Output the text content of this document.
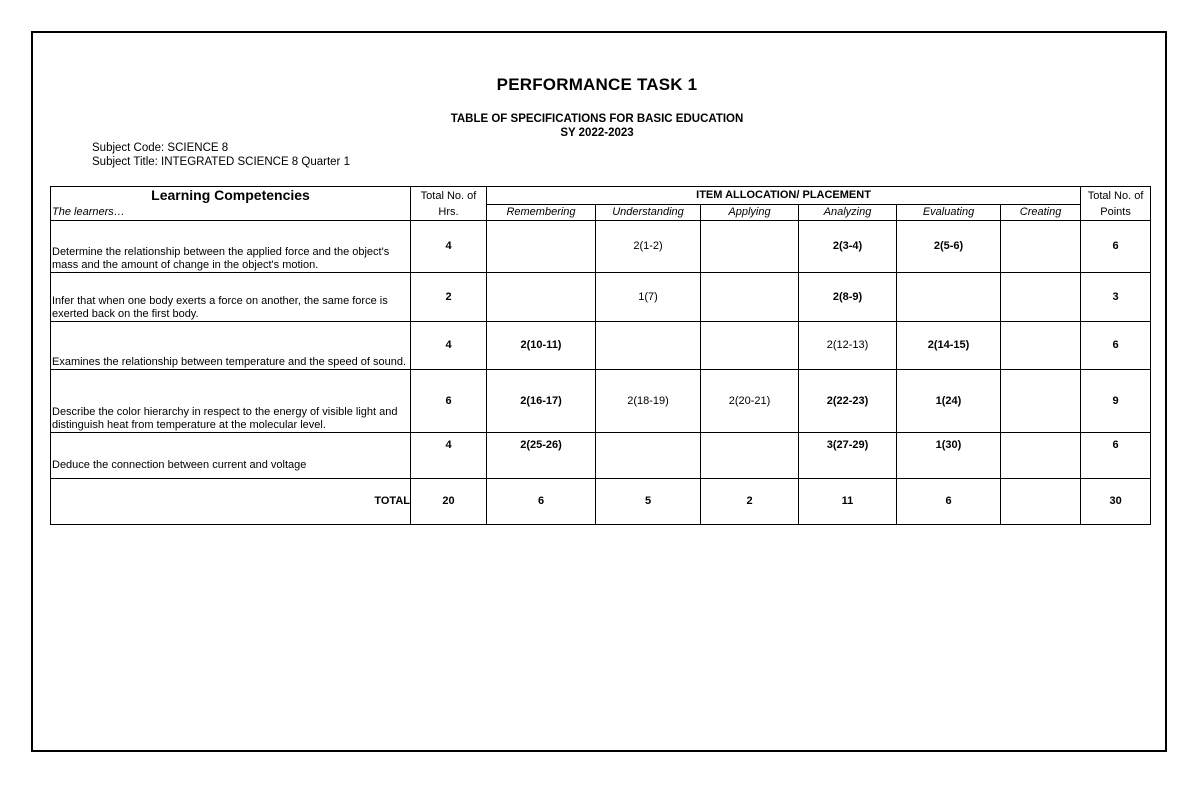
PERFORMANCE TASK 1
TABLE OF SPECIFICATIONS FOR BASIC EDUCATION
SY 2022-2023
Subject Code: SCIENCE 8
Subject Title: INTEGRATED SCIENCE 8 Quarter 1
Learning Competencies	Total No. of	ITEM ALLOCATION/ PLACEMENT						Total No. of
The learners…	Hrs.	Remembering	Understanding	Applying	Analyzing	Evaluating	Creating	Points
Determine the relationship between the applied force and the object's mass and the amount of change in the object's motion.	4		2(1-2)		2(3-4)	2(5-6)		6
Infer that when one body exerts a force on another, the same force is exerted back on the first body.	2		1(7)		2(8-9)			3
Examines the relationship between temperature and the speed of sound.	4	2(10-11)			2(12-13)	2(14-15)		6
Describe the color hierarchy in respect to the energy of visible light and distinguish heat from temperature at the molecular level.	6	2(16-17)	2(18-19)	2(20-21)	2(22-23)	1(24)		9
Deduce the connection between current and voltage	4	2(25-26)			3(27-29)	1(30)		6
TOTAL	20	6	5	2	11	6		30
